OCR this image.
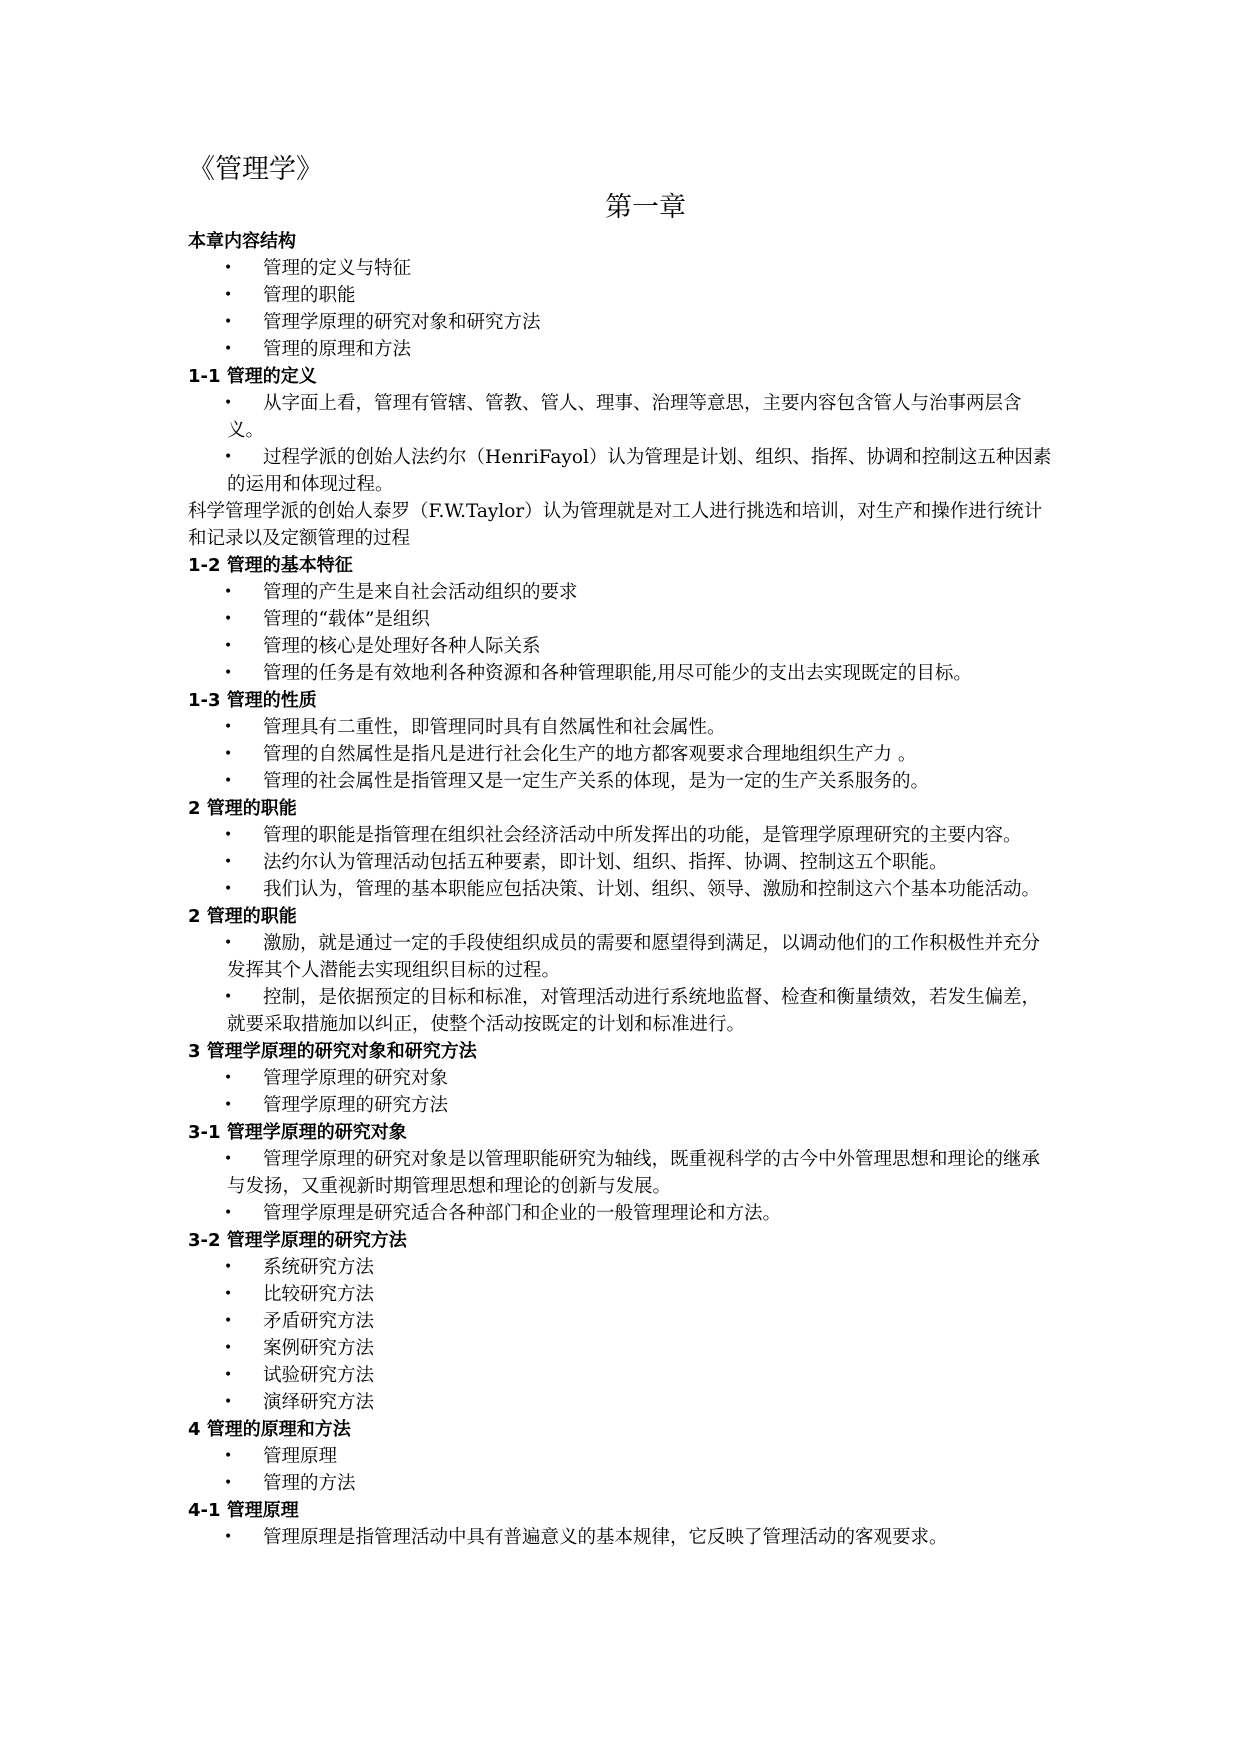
《管理学》
第一章
本章内容结构
• 管理的定义与特征
• 管理的职能
• 管理学原理的研究对象和研究方法
• 管理的原理和方法
1-1 管理的定义
• 从字面上看，管理有管辖、管教、管人、理事、治理等意思，主要内容包含管人与治事两层含义。
• 过程学派的创始人法约尔（HenriFayol）认为管理是计划、组织、指挥、协调和控制这五种因素的运用和体现过程。
科学管理学派的创始人泰罗（F.W.Taylor）认为管理就是对工人进行挑选和培训，对生产和操作进行统计和记录以及定额管理的过程
1-2 管理的基本特征
• 管理的产生是来自社会活动组织的要求
• 管理的“载体”是组织
• 管理的核心是处理好各种人际关系
• 管理的任务是有效地利各种资源和各种管理职能,用尽可能少的支出去实现既定的目标。
1-3 管理的性质
• 管理具有二重性，即管理同时具有自然属性和社会属性。
• 管理的自然属性是指凡是进行社会化生产的地方都客观要求合理地组织生产力 。
• 管理的社会属性是指管理又是一定生产关系的体现，是为一定的生产关系服务的。
2 管理的职能
• 管理的职能是指管理在组织社会经济活动中所发挥出的功能，是管理学原理研究的主要内容。
• 法约尔认为管理活动包括五种要素，即计划、组织、指挥、协调、控制这五个职能。
• 我们认为，管理的基本职能应包括决策、计划、组织、领导、激励和控制这六个基本功能活动。
2 管理的职能
• 激励，就是通过一定的手段使组织成员的需要和愿望得到满足，以调动他们的工作积极性并充分发挥其个人潜能去实现组织目标的过程。
• 控制，是依据预定的目标和标准，对管理活动进行系统地监督、检查和衡量绩效，若发生偏差，就要采取措施加以纠正，使整个活动按既定的计划和标准进行。
3 管理学原理的研究对象和研究方法
• 管理学原理的研究对象
• 管理学原理的研究方法
3-1 管理学原理的研究对象
• 管理学原理的研究对象是以管理职能研究为轴线，既重视科学的古今中外管理思想和理论的继承与发扬，又重视新时期管理思想和理论的创新与发展。
• 管理学原理是研究适合各种部门和企业的一般管理理论和方法。
3-2 管理学原理的研究方法
• 系统研究方法
• 比较研究方法
• 矛盾研究方法
• 案例研究方法
• 试验研究方法
• 演绎研究方法
4 管理的原理和方法
• 管理原理
• 管理的方法
4-1 管理原理
• 管理原理是指管理活动中具有普遍意义的基本规律，它反映了管理活动的客观要求。
